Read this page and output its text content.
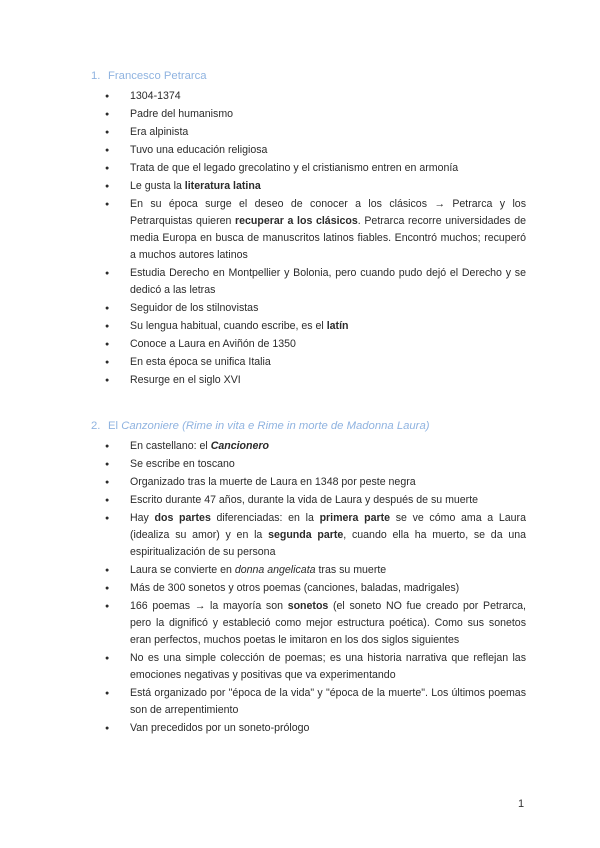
1. Francesco Petrarca
● 1304-1374
● Padre del humanismo
● Era alpinista
● Tuvo una educación religiosa
● Trata de que el legado grecolatino y el cristianismo entren en armonía
● Le gusta la literatura latina
● En su época surge el deseo de conocer a los clásicos → Petrarca y los Petrarquistas quieren recuperar a los clásicos. Petrarca recorre universidades de media Europa en busca de manuscritos latinos fiables. Encontró muchos; recuperó a muchos autores latinos
● Estudia Derecho en Montpellier y Bolonia, pero cuando pudo dejó el Derecho y se dedicó a las letras
● Seguidor de los stilnovistas
● Su lengua habitual, cuando escribe, es el latín
● Conoce a Laura en Aviñón de 1350
● En esta época se unifica Italia
● Resurge en el siglo XVI
2. El Canzoniere (Rime in vita e Rime in morte de Madonna Laura)
● En castellano: el Cancionero
● Se escribe en toscano
● Organizado tras la muerte de Laura en 1348 por peste negra
● Escrito durante 47 años, durante la vida de Laura y después de su muerte
● Hay dos partes diferenciadas: en la primera parte se ve cómo ama a Laura (idealiza su amor) y en la segunda parte, cuando ella ha muerto, se da una espiritualización de su persona
● Laura se convierte en donna angelicata tras su muerte
● Más de 300 sonetos y otros poemas (canciones, baladas, madrigales)
● 166 poemas → la mayoría son sonetos (el soneto NO fue creado por Petrarca, pero la dignificó y estableció como mejor estructura poética). Como sus sonetos eran perfectos, muchos poetas le imitaron en los dos siglos siguientes
● No es una simple colección de poemas; es una historia narrativa que reflejan las emociones negativas y positivas que va experimentando
● Está organizado por "época de la vida" y "época de la muerte". Los últimos poemas son de arrepentimiento
● Van precedidos por un soneto-prólogo
1
